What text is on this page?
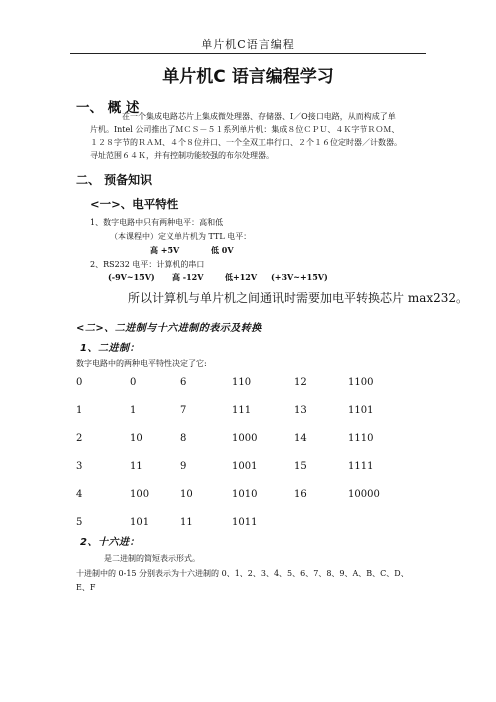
单片机C语言编程
单片机C 语言编程学习
一、 概 述
在一个集成电路芯片上集成微处理器、存储器、I／O接口电路，从而构成了单
片机。Intel 公司推出了ＭＣＳ－５１系列单片机：集成８位ＣＰＵ、４Ｋ字节ＲＯＭ、
１２８字节的ＲＡＭ、４个８位并口、一个全双工串行口、２个１６位定时器／计数器。
寻址范围６４Ｋ，并有控制功能较强的布尔处理器。
二、 预备知识
<一>、电平特性
1、数字电路中只有两种电平：高和低
（本课程中）定义单片机为 TTL 电平：
高 +5V	低 0V
2、RS232 电平：计算机的串口
(-9V~15V) 高 -12V	低+12V (+3V~+15V)
所以计算机与单片机之间通讯时需要加电平转换芯片 max232。
<二>、二进制与十六进制的表示及转换
1、二进制：
数字电路中的两种电平特性决定了它:
0	0	6	110	12	1100
1	1	7	111	13	1101
2	10	8	1000	14	1110
3	11	9	1001	15	1111
4	100	10	1010	16	10000
5	101	11	1011
2、十六进：
是二进制的简短表示形式。
十进制中的 0-15 分别表示为十六进制的 0、1、2、3、4、5、6、7、8、9、A、B、C、D、
E、F
